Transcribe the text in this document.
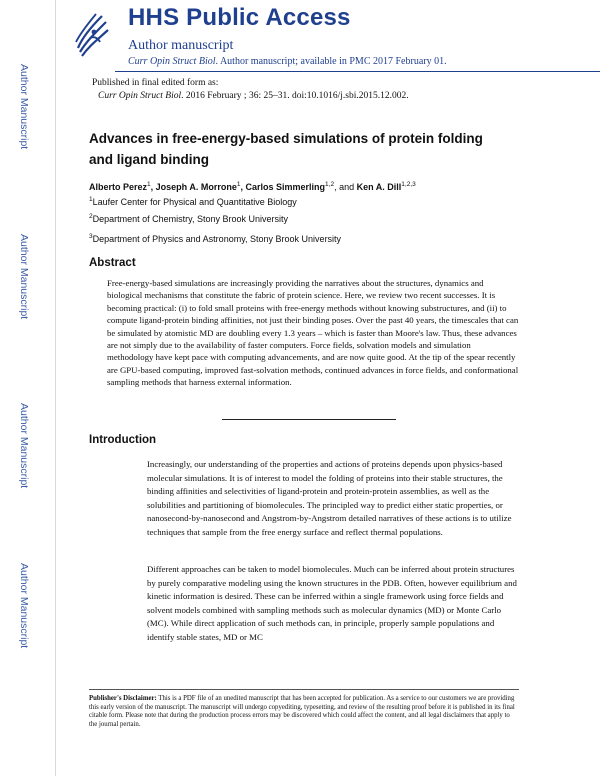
Author Manuscript
Author Manuscript
Author Manuscript
Author Manuscript
HHS Public Access
Author manuscript
Curr Opin Struct Biol. Author manuscript; available in PMC 2017 February 01.
Published in final edited form as:
Curr Opin Struct Biol. 2016 February ; 36: 25–31. doi:10.1016/j.sbi.2015.12.002.
Advances in free-energy-based simulations of protein folding and ligand binding
Alberto Perez$^1$, Joseph A. Morrone$^1$, Carlos Simmerling$^{1,2}$, and Ken A. Dill$^{1,2,3}$
$^1$Laufer Center for Physical and Quantitative Biology
$^2$Department of Chemistry, Stony Brook University
$^3$Department of Physics and Astronomy, Stony Brook University
Abstract
Free-energy-based simulations are increasingly providing the narratives about the structures, dynamics and biological mechanisms that constitute the fabric of protein science. Here, we review two recent successes. It is becoming practical: (i) to fold small proteins with free-energy methods without knowing substructures, and (ii) to compute ligand-protein binding affinities, not just their binding poses. Over the past 40 years, the timescales that can be simulated by atomistic MD are doubling every 1.3 years – which is faster than Moore's law. Thus, these advances are not simply due to the availability of faster computers. Force fields, solvation models and simulation methodology have kept pace with computing advancements, and are now quite good. At the tip of the spear recently are GPU-based computing, improved fast-solvation methods, continued advances in force fields, and conformational sampling methods that harness external information.
Introduction
Increasingly, our understanding of the properties and actions of proteins depends upon physics-based molecular simulations. It is of interest to model the folding of proteins into their stable structures, the binding affinities and selectivities of ligand-protein and protein-protein assemblies, as well as the solubilities and partitioning of biomolecules. The principled way to predict either static properties, or nanosecond-by-nanosecond and Angstrom-by-Angstrom detailed narratives of these actions is to utilize techniques that sample from the free energy surface and reflect thermal populations.
Different approaches can be taken to model biomolecules. Much can be inferred about protein structures by purely comparative modeling using the known structures in the PDB. Often, however equilibrium and kinetic information is desired. These can be inferred within a single framework using force fields and solvent models combined with sampling methods such as molecular dynamics (MD) or Monte Carlo (MC). While direct application of such methods can, in principle, properly sample populations and identify stable states, MD or MC
Publisher's Disclaimer: This is a PDF file of an unedited manuscript that has been accepted for publication. As a service to our customers we are providing this early version of the manuscript. The manuscript will undergo copyediting, typesetting, and review of the resulting proof before it is published in its final citable form. Please note that during the production process errors may be discovered which could affect the content, and all legal disclaimers that apply to the journal pertain.
